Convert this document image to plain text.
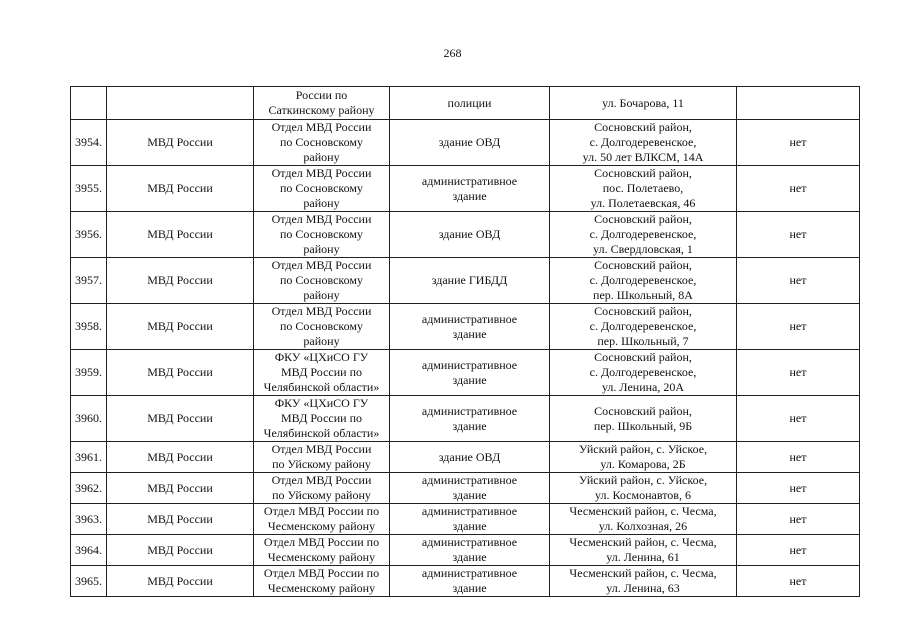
268

		России по
Саткинскому району	полиции	ул. Бочарова, 11	

3954.	МВД России	Отдел МВД России
по Сосновскому
району	здание ОВД	Сосновский район,
с. Долгодеревенское,
ул. 50 лет ВЛКСМ, 14А	нет
3955.	МВД России	Отдел МВД России
по Сосновскому
району	административное
здание	Сосновский район,
пос. Полетаево,
ул. Полетаевская, 46	нет
3956.	МВД России	Отдел МВД России
по Сосновскому
району	здание ОВД	Сосновский район,
с. Долгодеревенское,
ул. Свердловская, 1	нет
3957.	МВД России	Отдел МВД России
по Сосновскому
району	здание ГИБДД	Сосновский район,
с. Долгодеревенское,
пер. Школьный, 8А	нет
3958.	МВД России	Отдел МВД России
по Сосновскому
району	административное
здание	Сосновский район,
с. Долгодеревенское,
пер. Школьный, 7	нет
3959.	МВД России	ФКУ «ЦХиСО ГУ
МВД России по
Челябинской области»	административное
здание	Сосновский район,
с. Долгодеревенское,
ул. Ленина, 20А	нет
3960.	МВД России	ФКУ «ЦХиСО ГУ
МВД России по
Челябинской области»	административное
здание	Сосновский район,
пер. Школьный, 9Б	нет
3961.	МВД России	Отдел МВД России
по Уйскому району	здание ОВД	Уйский район, с. Уйское,
ул. Комарова, 2Б	нет
3962.	МВД России	Отдел МВД России
по Уйскому району	административное
здание	Уйский район, с. Уйское,
ул. Космонавтов, 6	нет
3963.	МВД России	Отдел МВД России по
Чесменскому району	административное
здание	Чесменский район, с. Чесма,
ул. Колхозная, 26	нет
3964.	МВД России	Отдел МВД России по
Чесменскому району	административное
здание	Чесменский район, с. Чесма,
ул. Ленина, 61	нет
3965.	МВД России	Отдел МВД России по
Чесменскому району	административное
здание	Чесменский район, с. Чесма,
ул. Ленина, 63	нет
